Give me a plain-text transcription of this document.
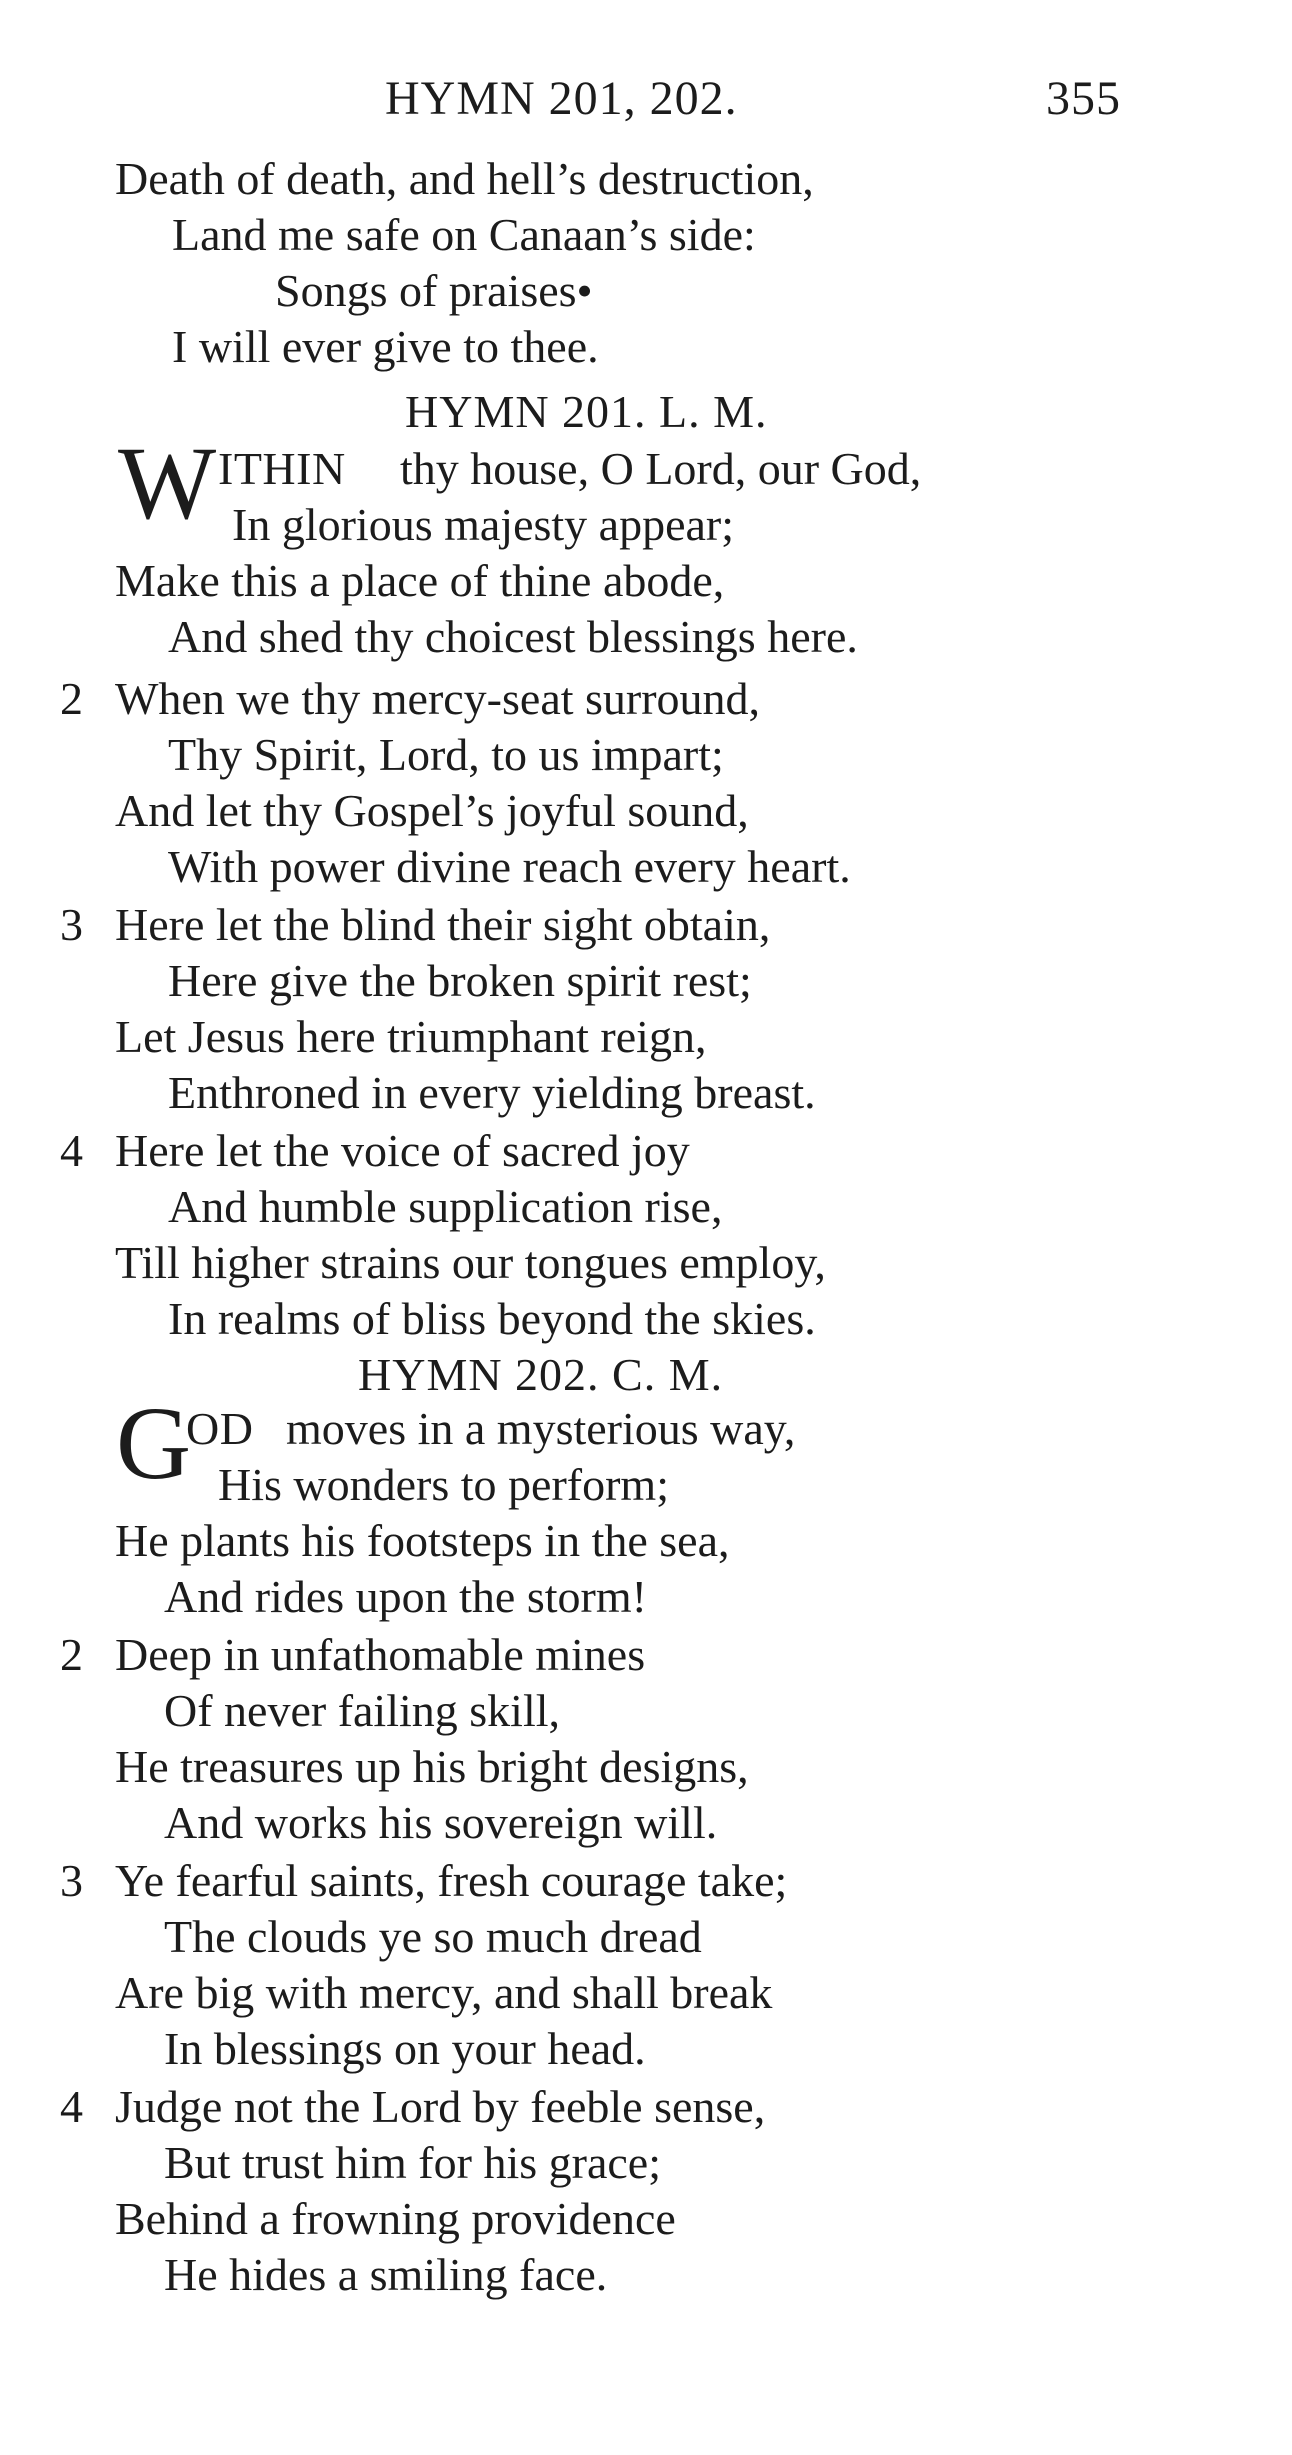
HYMN 201, 202.	355
Death of death, and hell’s destruction,
Land me safe on Canaan’s side:
Songs of praises•
I will ever give to thee.
HYMN 201. L. M.
W ITHIN thy house, O Lord, our God,
In glorious majesty appear;
Make this a place of thine abode,
And shed thy choicest blessings here.
2 When we thy mercy-seat surround,
Thy Spirit, Lord, to us impart;
And let thy Gospel’s joyful sound,
With power divine reach every heart.
3 Here let the blind their sight obtain,
Here give the broken spirit rest;
Let Jesus here triumphant reign,
Enthroned in every yielding breast.
4 Here let the voice of sacred joy
And humble supplication rise,
Till higher strains our tongues employ,
In realms of bliss beyond the skies.
HYMN 202. C. M.
G
OD moves in a mysterious way,
His wonders to perform;
He plants his footsteps in the sea,
And rides upon the storm!
2 Deep in unfathomable mines
Of never failing skill,
He treasures up his bright designs,
And works his sovereign will.
3 Ye fearful saints, fresh courage take;
The clouds ye so much dread
Are big with mercy, and shall break
In blessings on your head.
4 Judge not the Lord by feeble sense,
But trust him for his grace;
Behind a frowning providence
He hides a smiling face.
